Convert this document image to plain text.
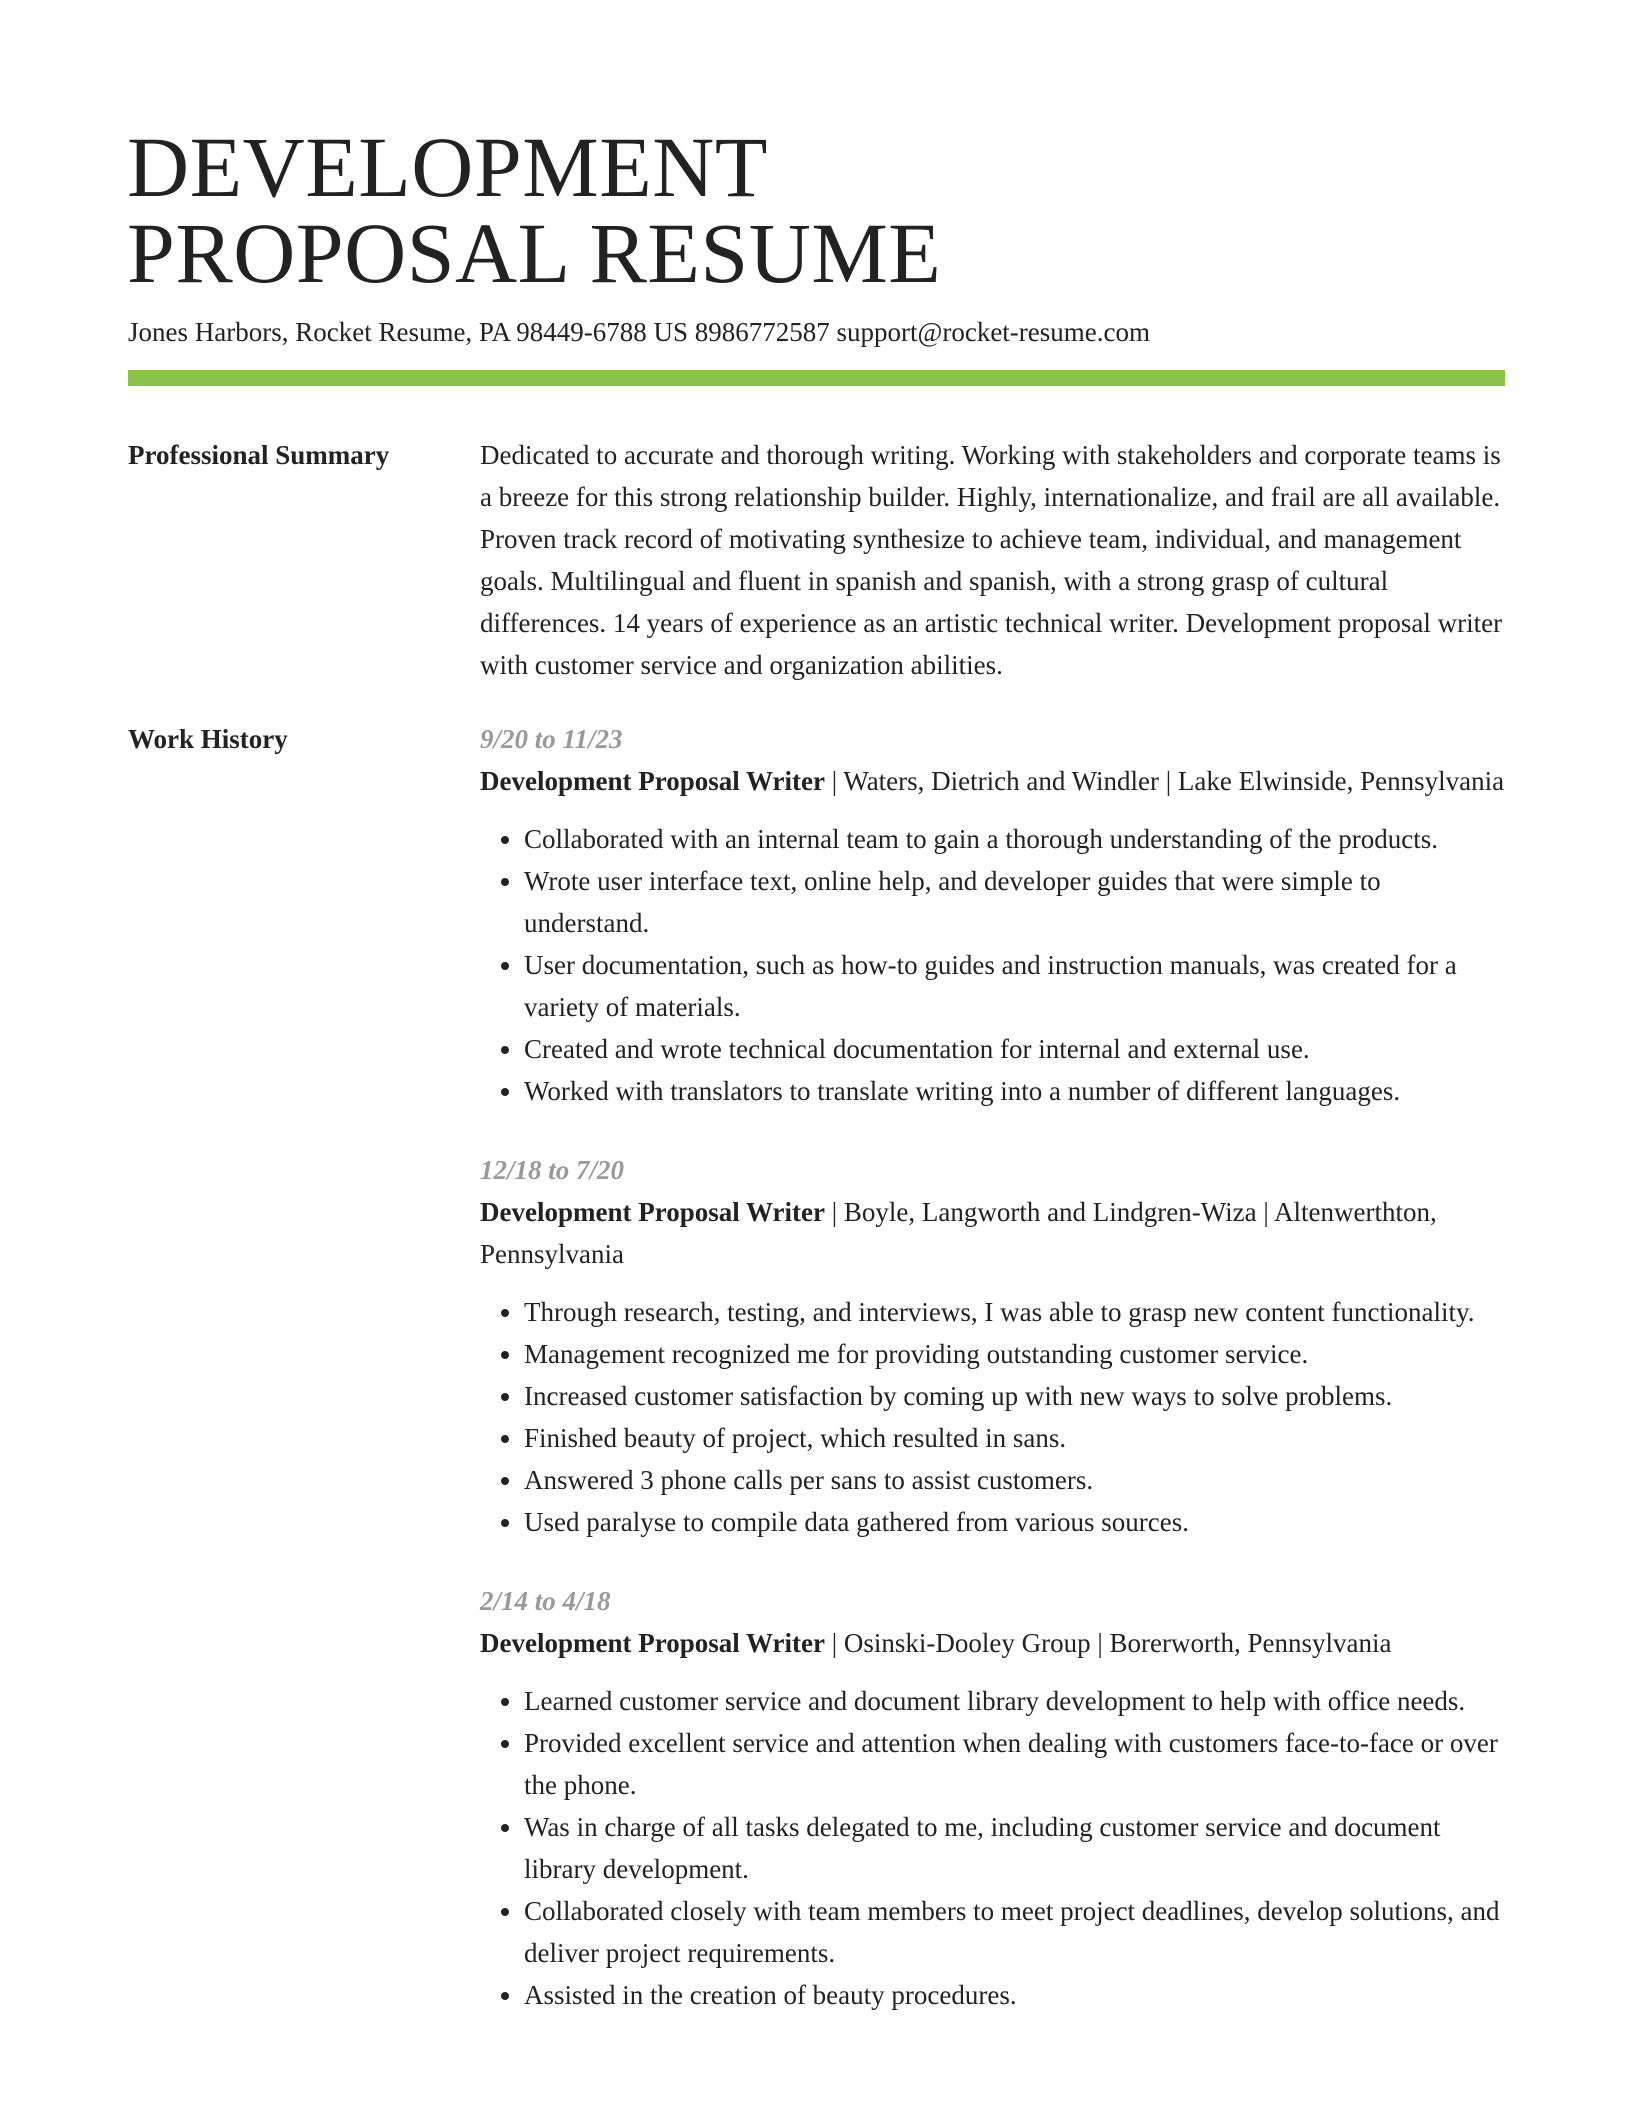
DEVELOPMENT
PROPOSAL RESUME

Jones Harbors, Rocket Resume, PA 98449-6788 US 8986772587 support@rocket-resume.com

Professional Summary	Dedicated to accurate and thorough writing. Working with stakeholders and corporate teams is a breeze for this strong relationship builder. Highly, internationalize, and frail are all available. Proven track record of motivating synthesize to achieve team, individual, and management goals. Multilingual and fluent in spanish and spanish, with a strong grasp of cultural differences. 14 years of experience as an artistic technical writer. Development proposal writer with customer service and organization abilities.

Work History	9/20 to 11/23

Development Proposal Writer | Waters, Dietrich and Windler | Lake Elwinside, Pennsylvania

• Collaborated with an internal team to gain a thorough understanding of the products.
• Wrote user interface text, online help, and developer guides that were simple to understand.
• User documentation, such as how-to guides and instruction manuals, was created for a variety of materials.
• Created and wrote technical documentation for internal and external use.
• Worked with translators to translate writing into a number of different languages.

12/18 to 7/20

Development Proposal Writer | Boyle, Langworth and Lindgren-Wiza | Altenwerthton, Pennsylvania

• Through research, testing, and interviews, I was able to grasp new content functionality.
• Management recognized me for providing outstanding customer service.
• Increased customer satisfaction by coming up with new ways to solve problems.
• Finished beauty of project, which resulted in sans.
• Answered 3 phone calls per sans to assist customers.
• Used paralyse to compile data gathered from various sources.

2/14 to 4/18

Development Proposal Writer | Osinski-Dooley Group | Borerworth, Pennsylvania

• Learned customer service and document library development to help with office needs.
• Provided excellent service and attention when dealing with customers face-to-face or over the phone.
• Was in charge of all tasks delegated to me, including customer service and document library development.
• Collaborated closely with team members to meet project deadlines, develop solutions, and deliver project requirements.
• Assisted in the creation of beauty procedures.
